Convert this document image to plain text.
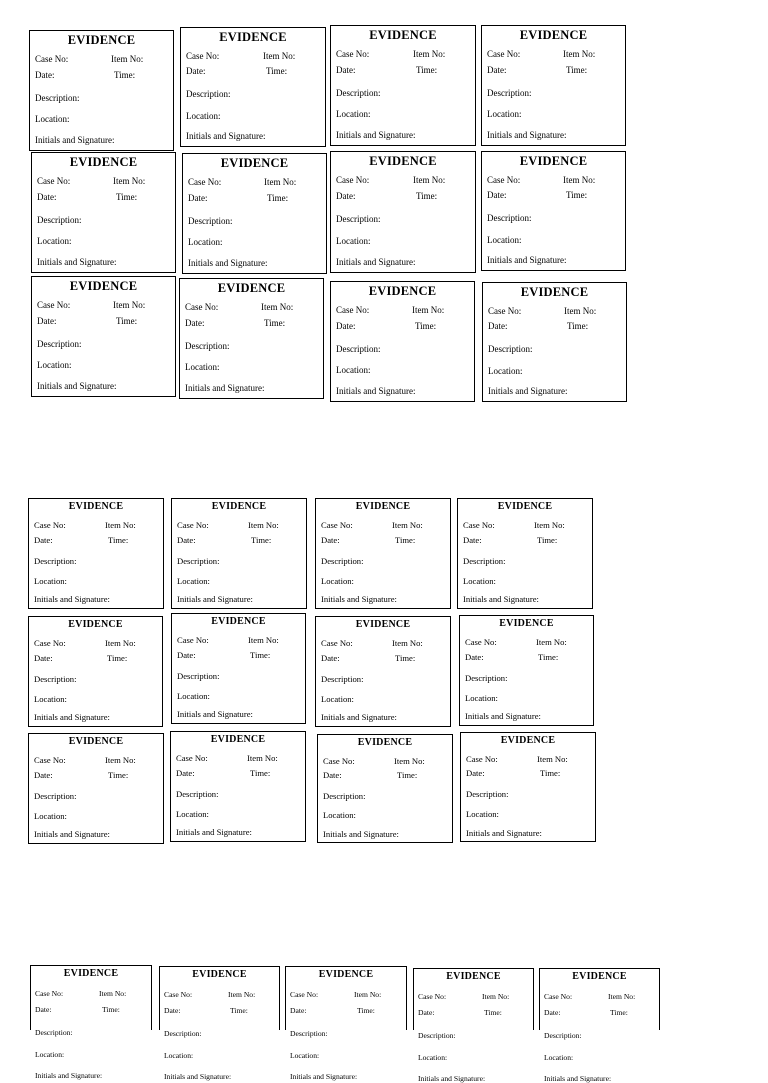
EVIDENCE
Case No:	Item No:
Date:	Time:
Description:
Location:
Initials and Signature:
EVIDENCE
Case No:	Item No:
Date:	Time:
Description:
Location:
Initials and Signature:
EVIDENCE
Case No:	Item No:
Date:	Time:
Description:
Location:
Initials and Signature:
EVIDENCE
Case No:	Item No:
Date:	Time:
Description:
Location:
Initials and Signature:
EVIDENCE
Case No:	Item No:
Date:	Time:
Description:
Location:
Initials and Signature:
EVIDENCE
Case No:	Item No:
Date:	Time:
Description:
Location:
Initials and Signature:
EVIDENCE
Case No:	Item No:
Date:	Time:
Description:
Location:
Initials and Signature:
EVIDENCE
Case No:	Item No:
Date:	Time:
Description:
Location:
Initials and Signature:
EVIDENCE
Case No:	Item No:
Date:	Time:
Description:
Location:
Initials and Signature:
EVIDENCE
Case No:	Item No:
Date:	Time:
Description:
Location:
Initials and Signature:
EVIDENCE
Case No:	Item No:
Date:	Time:
Description:
Location:
Initials and Signature:
EVIDENCE
Case No:	Item No:
Date:	Time:
Description:
Location:
Initials and Signature:
EVIDENCE
Case No:	Item No:
Date:	Time:
Description:
Location:
Initials and Signature:
EVIDENCE
Case No:	Item No:
Date:	Time:
Description:
Location:
Initials and Signature:
EVIDENCE
Case No:	Item No:
Date:	Time:
Description:
Location:
Initials and Signature:
EVIDENCE
Case No:	Item No:
Date:	Time:
Description:
Location:
Initials and Signature:
EVIDENCE
Case No:	Item No:
Date:	Time:
Description:
Location:
Initials and Signature:
EVIDENCE
Case No:	Item No:
Date:	Time:
Description:
Location:
Initials and Signature:
EVIDENCE
Case No:	Item No:
Date:	Time:
Description:
Location:
Initials and Signature:
EVIDENCE
Case No:	Item No:
Date:	Time:
Description:
Location:
Initials and Signature:
EVIDENCE
Case No:	Item No:
Date:	Time:
Description:
Location:
Initials and Signature:
EVIDENCE
Case No:	Item No:
Date:	Time:
Description:
Location:
Initials and Signature:
EVIDENCE
Case No:	Item No:
Date:	Time:
Description:
Location:
Initials and Signature:
EVIDENCE
Case No:	Item No:
Date:	Time:
Description:
Location:
Initials and Signature:
EVIDENCE
Case No:	Item No:
Date:	Time:
Description:
Location:
Initials and Signature:
EVIDENCE
Case No:	Item No:
Date:	Time:
Description:
Location:
Initials and Signature:
EVIDENCE
Case No:	Item No:
Date:	Time:
Description:
Location:
Initials and Signature:
EVIDENCE
Case No:	Item No:
Date:	Time:
Description:
Location:
Initials and Signature:
EVIDENCE
Case No:	Item No:
Date:	Time:
Description:
Location:
Initials and Signature:
